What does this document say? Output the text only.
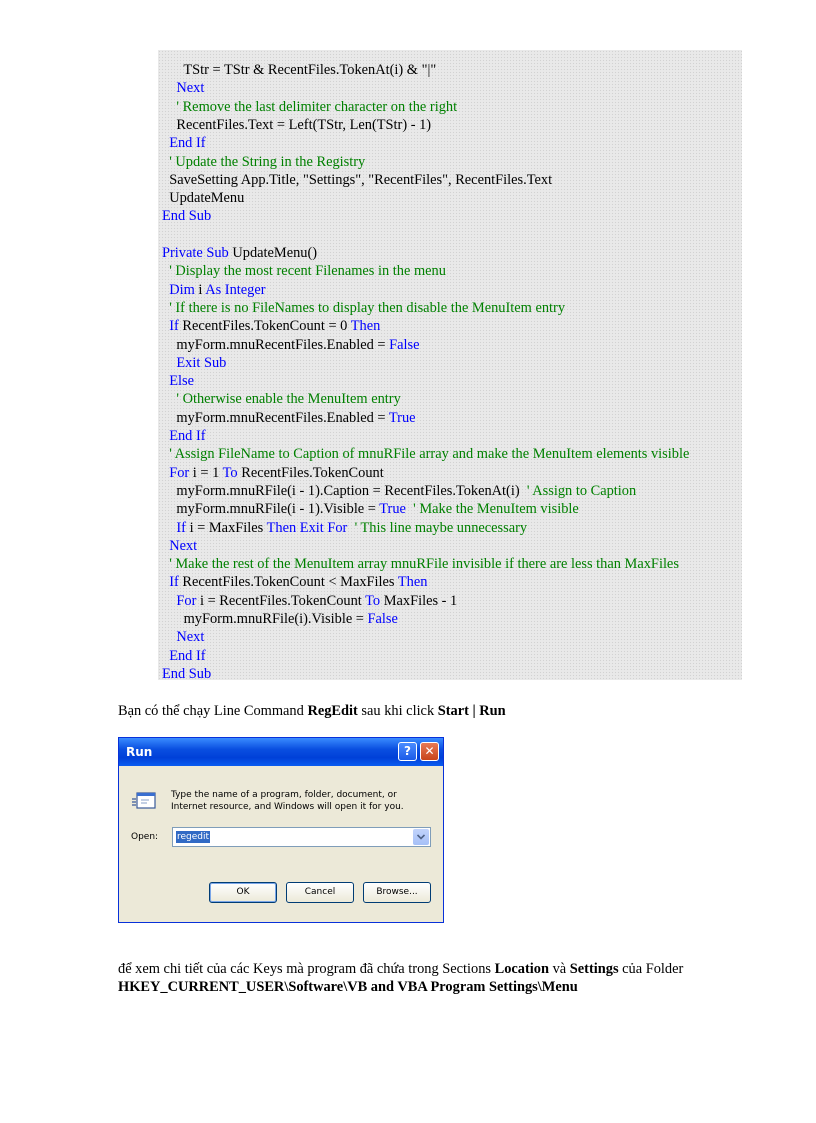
TStr = TStr & RecentFiles.TokenAt(i) & "|"
Next
' Remove the last delimiter character on the right
RecentFiles.Text = Left(TStr, Len(TStr) - 1)
End If
' Update the String in the Registry
SaveSetting App.Title, "Settings", "RecentFiles", RecentFiles.Text
UpdateMenu
End Sub
Private Sub UpdateMenu()
' Display the most recent Filenames in the menu
Dim i As Integer
' If there is no FileNames to display then disable the MenuItem entry
If RecentFiles.TokenCount = 0 Then
myForm.mnuRecentFiles.Enabled = False
Exit Sub
Else
' Otherwise enable the MenuItem entry
myForm.mnuRecentFiles.Enabled = True
End If
' Assign FileName to Caption of mnuRFile array and make the MenuItem elements visible
For i = 1 To RecentFiles.TokenCount
myForm.mnuRFile(i - 1).Caption = RecentFiles.TokenAt(i)  ' Assign to Caption
myForm.mnuRFile(i - 1).Visible = True ' Make the MenuItem visible
If i = MaxFiles Then Exit For ' This line maybe unnecessary
Next
' Make the rest of the MenuItem array mnuRFile invisible if there are less than MaxFiles
If RecentFiles.TokenCount < MaxFiles Then
For i = RecentFiles.TokenCount To MaxFiles - 1
myForm.mnuRFile(i).Visible = False
Next
End If
End Sub
Bạn có thể chạy Line Command RegEdit sau khi click Start | Run
Run	?	✕
Type the name of a program, folder, document, or
Internet resource, and Windows will open it for you.
Open: regedit
OK	Cancel	Browse...
để xem chi tiết của các Keys mà program đã chứa trong Sections Location và Settings của Folder
HKEY_CURRENT_USER\Software\VB and VBA Program Settings\Menu
